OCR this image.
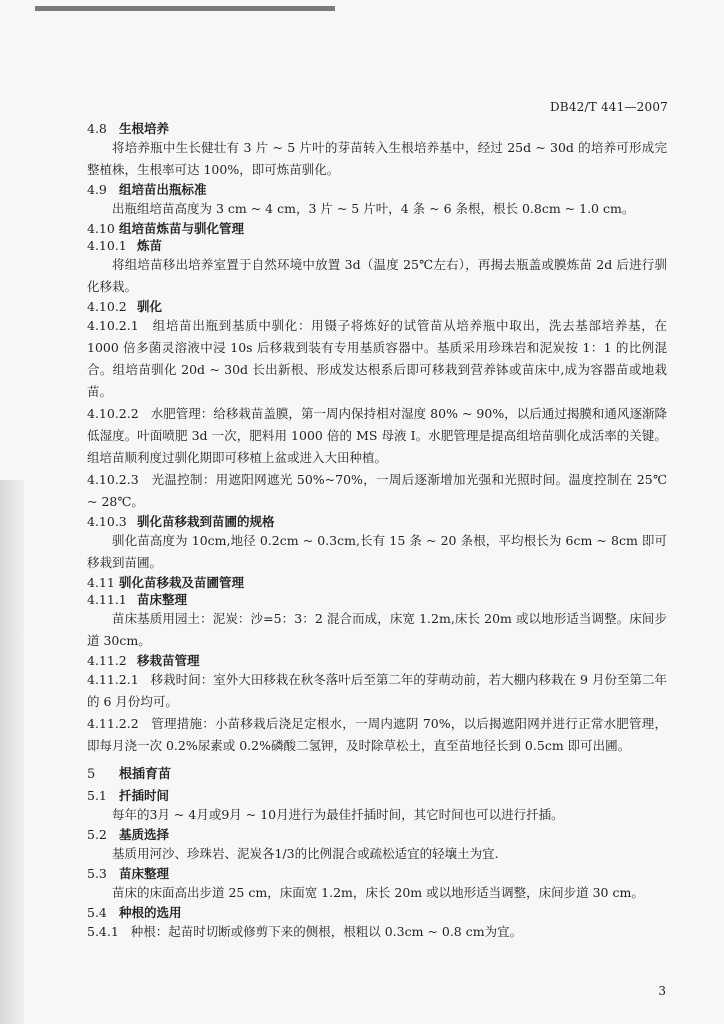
DB42/T 441—2007
4.8 生根培养
将培养瓶中生长健壮有 3 片 ~ 5 片叶的芽苗转入生根培养基中，经过 25d ~ 30d 的培养可形成完整植株，生根率可达 100%，即可炼苗驯化。
4.9 组培苗出瓶标准
出瓶组培苗高度为 3 cm ~ 4 cm，3 片 ~ 5 片叶，4 条 ~ 6 条根，根长 0.8cm ~ 1.0 cm。
4.10 组培苗炼苗与驯化管理
4.10.1 炼苗
将组培苗移出培养室置于自然环境中放置 3d（温度 25℃左右），再揭去瓶盖或膜炼苗 2d 后进行驯化移栽。
4.10.2 驯化
4.10.2.1 组培苗出瓶到基质中驯化：用镊子将炼好的试管苗从培养瓶中取出，洗去基部培养基，在 1000 倍多菌灵溶液中浸 10s 后移栽到装有专用基质容器中。基质采用珍珠岩和泥炭按 1：1 的比例混合。组培苗驯化 20d ~ 30d 长出新根、形成发达根系后即可移栽到营养钵或苗床中,成为容器苗或地栽苗。
4.10.2.2 水肥管理：给移栽苗盖膜，第一周内保持相对湿度 80% ~ 90%，以后通过揭膜和通风逐渐降低湿度。叶面喷肥 3d 一次，肥料用 1000 倍的 MS 母液 I。水肥管理是提高组培苗驯化成活率的关键。组培苗顺利度过驯化期即可移植上盆或进入大田种植。
4.10.2.3 光温控制：用遮阳网遮光 50%~70%，一周后逐渐增加光强和光照时间。温度控制在 25℃ ~ 28℃。
4.10.3 驯化苗移栽到苗圃的规格
驯化苗高度为 10cm,地径 0.2cm ~ 0.3cm,长有 15 条 ~ 20 条根，平均根长为 6cm ~ 8cm 即可移栽到苗圃。
4.11 驯化苗移栽及苗圃管理
4.11.1 苗床整理
苗床基质用园土：泥炭：沙=5：3：2 混合而成，床宽 1.2m,床长 20m 或以地形适当调整。床间步道 30cm。
4.11.2 移栽苗管理
4.11.2.1 移栽时间：室外大田移栽在秋冬落叶后至第二年的芽萌动前，若大棚内移栽在 9 月份至第二年的 6 月份均可。
4.11.2.2 管理措施：小苗移栽后浇足定根水，一周内遮阴 70%，以后揭遮阳网并进行正常水肥管理，即每月浇一次 0.2%尿素或 0.2%磷酸二氢钾，及时除草松土，直至苗地径长到 0.5cm 即可出圃。
5 根插育苗
5.1 扦插时间
每年的3月 ~ 4月或9月 ~ 10月进行为最佳扦插时间，其它时间也可以进行扦插。
5.2 基质选择
基质用河沙、珍珠岩、泥炭各1/3的比例混合或疏松适宜的轻壤土为宜.
5.3 苗床整理
苗床的床面高出步道 25 cm，床面宽 1.2m，床长 20m 或以地形适当调整，床间步道 30 cm。
5.4 种根的选用
5.4.1 种根：起苗时切断或修剪下来的侧根，根粗以 0.3cm ~ 0.8 cm为宜。
3
